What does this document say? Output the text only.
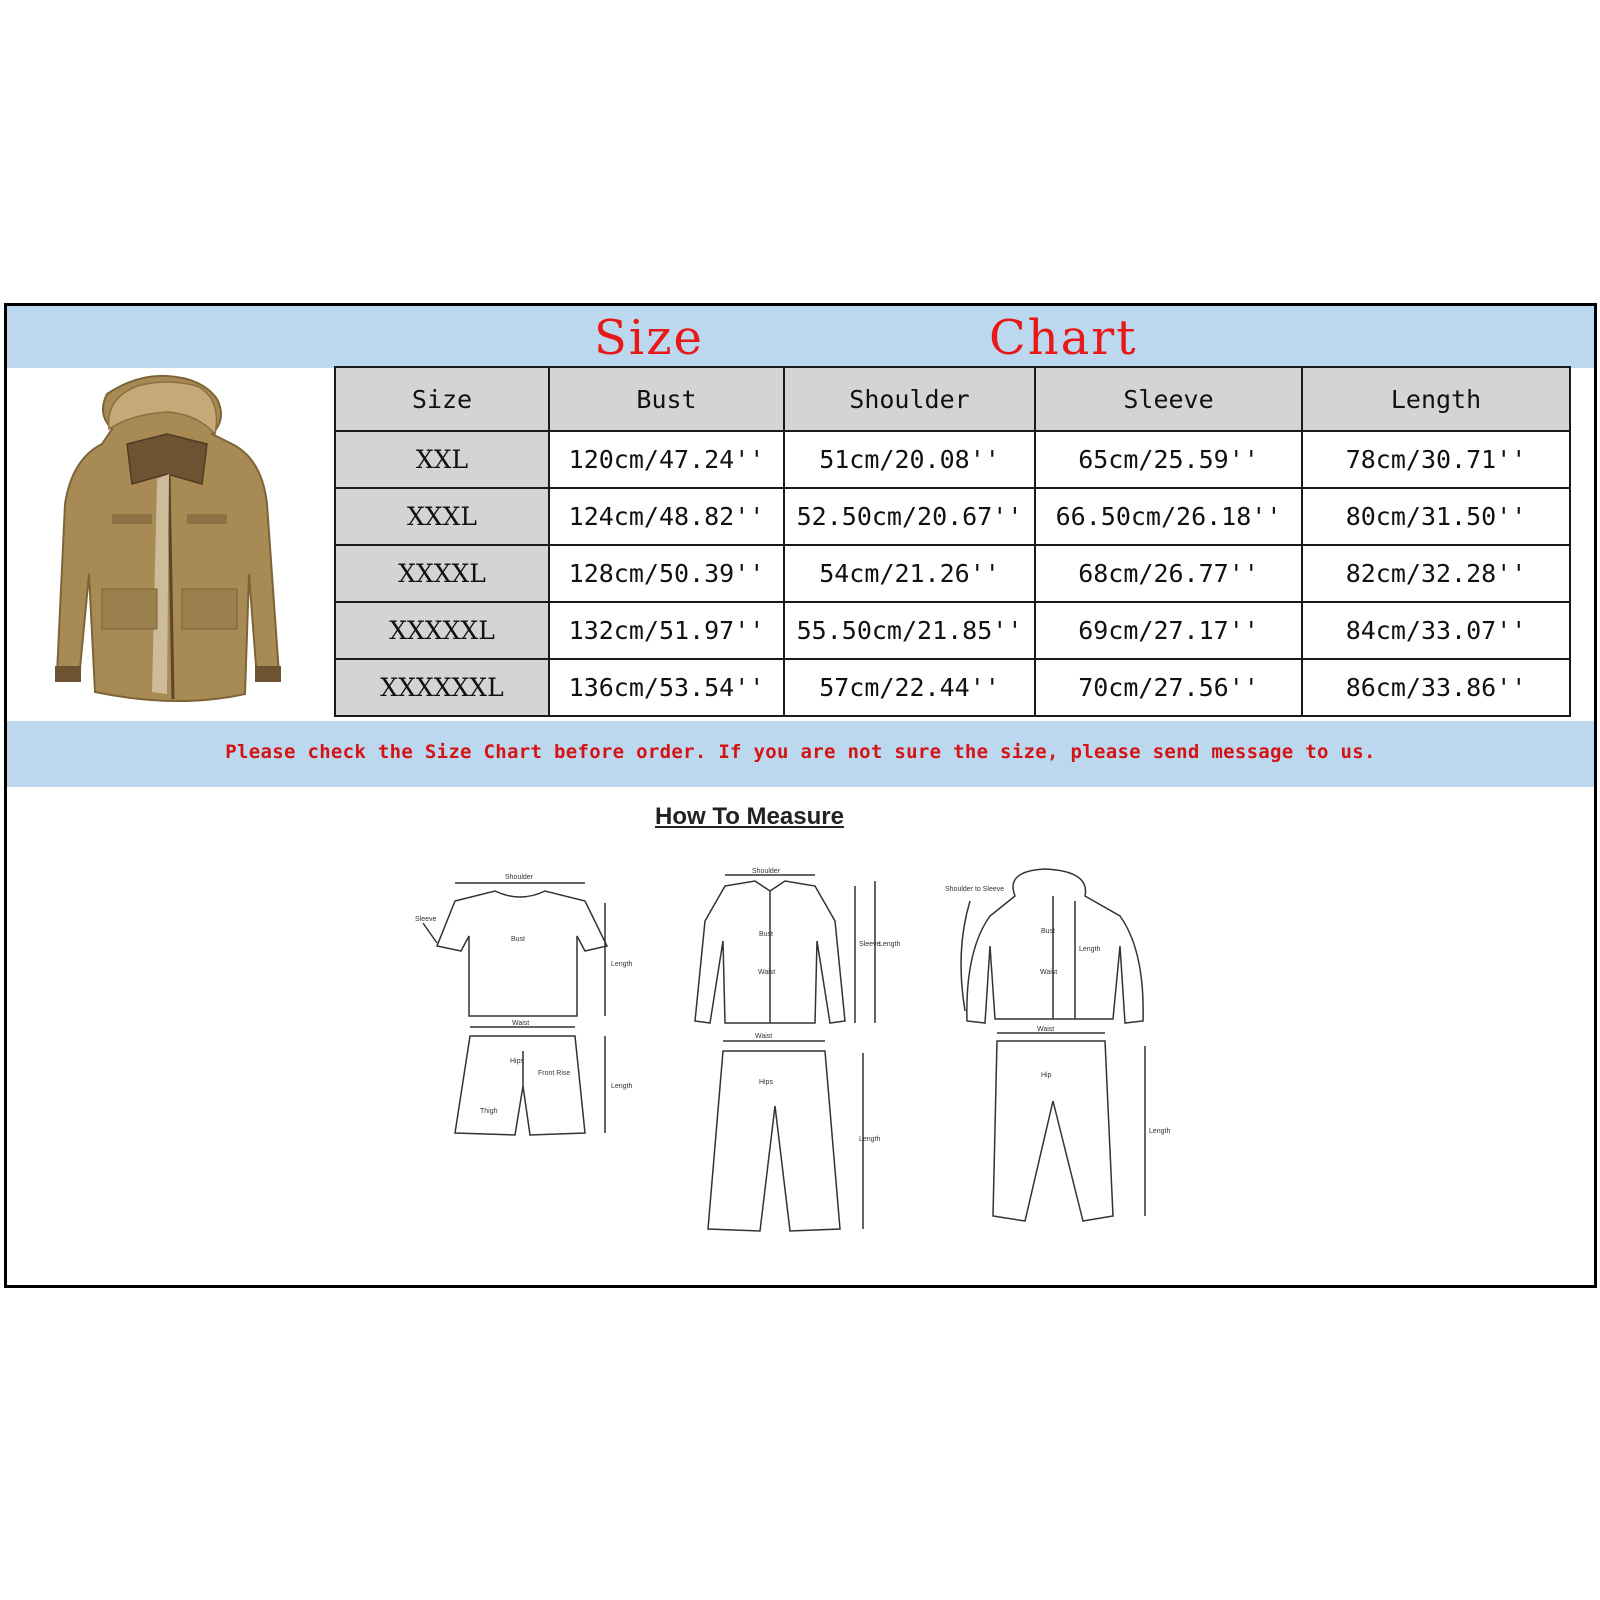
Size	Chart
Size	Bust	Shoulder	Sleeve	Length
XXL	120cm/47.24''	51cm/20.08''	65cm/25.59''	78cm/30.71''
XXXL	124cm/48.82''	52.50cm/20.67''	66.50cm/26.18''	80cm/31.50''
XXXXL	128cm/50.39''	54cm/21.26''	68cm/26.77''	82cm/32.28''
XXXXXL	132cm/51.97''	55.50cm/21.85''	69cm/27.17''	84cm/33.07''
XXXXXXL	136cm/53.54''	57cm/22.44''	70cm/27.56''	86cm/33.86''
Please check the Size Chart before order. If you are not sure the size, please send message to us.
How To Measure
Shoulder
Sleeve
Bust
Length
Waist
Hips
Front Rise
Thigh
Length
Shoulder
Bust
Waist
Sleeve
Length
Waist
Hips
Length
Shoulder to Sleeve
Bust
Length
Waist
Waist
Hip
Length
